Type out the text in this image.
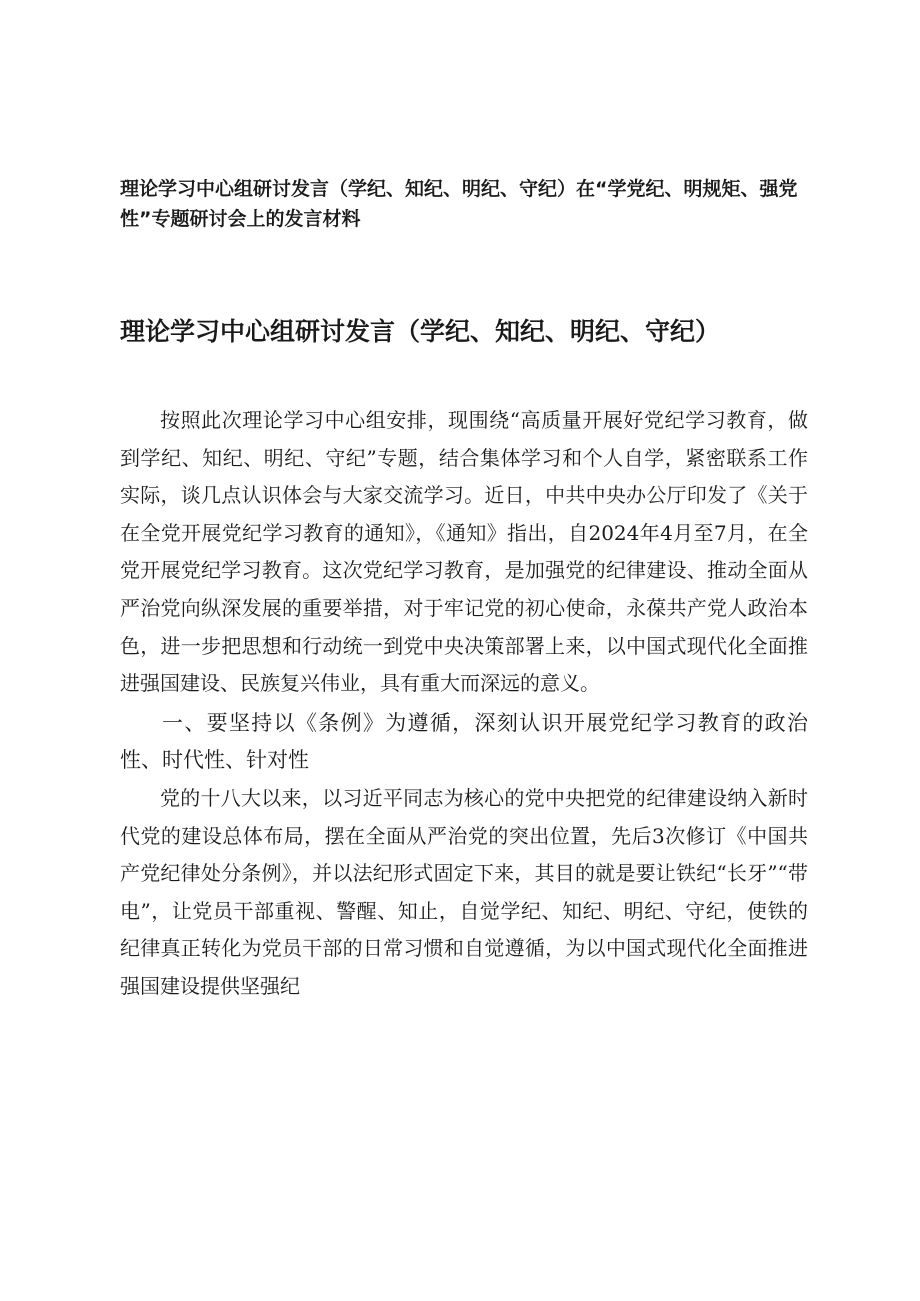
理论学习中心组研讨发言（学纪、知纪、明纪、守纪）在“学党纪、明规矩、强党性”专题研讨会上的发言材料
理论学习中心组研讨发言（学纪、知纪、明纪、守纪）

按照此次理论学习中心组安排，现围绕“高质量开展好党纪学习教育，做到学纪、知纪、明纪、守纪”专题，结合集体学习和个人自学，紧密联系工作实际，谈几点认识体会与大家交流学习。近日，中共中央办公厅印发了《关于在全党开展党纪学习教育的通知》，《通知》指出，自2024年4月至7月，在全党开展党纪学习教育。这次党纪学习教育，是加强党的纪律建设、推动全面从严治党向纵深发展的重要举措，对于牢记党的初心使命，永葆共产党人政治本色，进一步把思想和行动统一到党中央决策部署上来，以中国式现代化全面推进强国建设、民族复兴伟业，具有重大而深远的意义。

一、要坚持以《条例》为遵循，深刻认识开展党纪学习教育的政治性、时代性、针对性

党的十八大以来，以习近平同志为核心的党中央把党的纪律建设纳入新时代党的建设总体布局，摆在全面从严治党的突出位置，先后3次修订《中国共产党纪律处分条例》，并以法纪形式固定下来，其目的就是要让铁纪“长牙”“带电”，让党员干部重视、警醒、知止，自觉学纪、知纪、明纪、守纪，使铁的纪律真正转化为党员干部的日常习惯和自觉遵循，为以中国式现代化全面推进强国建设提供坚强纪
